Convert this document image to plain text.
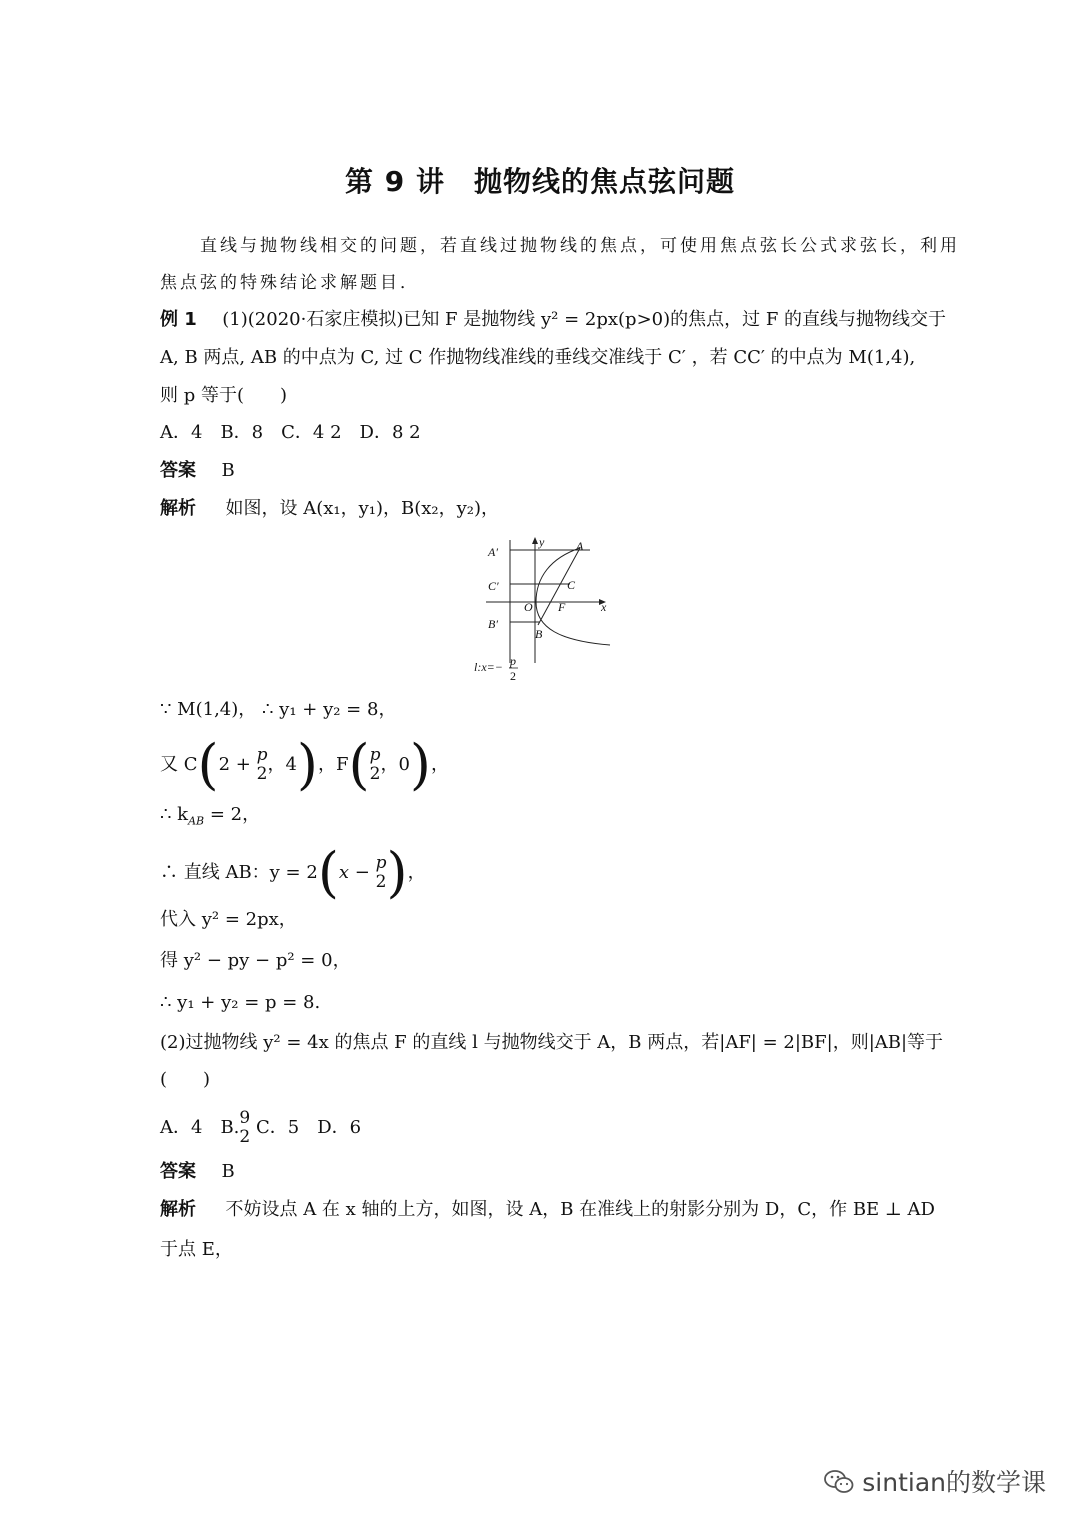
第 9 讲　抛物线的焦点弦问题
直线与抛物线相交的问题，若直线过抛物线的焦点，可使用焦点弦长公式求弦长，利用
焦点弦的特殊结论求解题目．
例 1 (1)(2020·石家庄模拟)已知 F 是抛物线 y² = 2px(p>0)的焦点，过 F 的直线与抛物线交于
A, B 两点, AB 的中点为 C, 过 C 作抛物线准线的垂线交准线于 C′ ，若 CC′ 的中点为 M(1,4),
则 p 等于(　　)
A．4　B．8　C．4 2　D．8 2
答案 B
解析 如图，设 A(x₁，y₁)，B(x₂，y₂)，
A′
C′
B′
A
C
B
O F	x
y
l:x=− p
2
∵ M(1,4)， ∴ y₁ + y₂ = 8，
又 C(2 + p
2 ，4)，F( p
2 ，0)，
∴ $k_{AB} = 2$，
∴ 直线 AB：y = 2(x − p
2 )，
代入 y² = 2px，
得 y² − py − p² = 0，
∴ y₁ + y₂ = p = 8.
(2)过抛物线 y² = 4x 的焦点 F 的直线 l 与抛物线交于 A，B 两点，若|AF| = 2|BF|，则|AB|等于
(　　)
A．4　B. 9
2 C．5　D．6
答案 B
解析 不妨设点 A 在 x 轴的上方，如图，设 A，B 在准线上的射影分别为 D，C，作 BE ⊥ AD
于点 E，
sintian的数学课
